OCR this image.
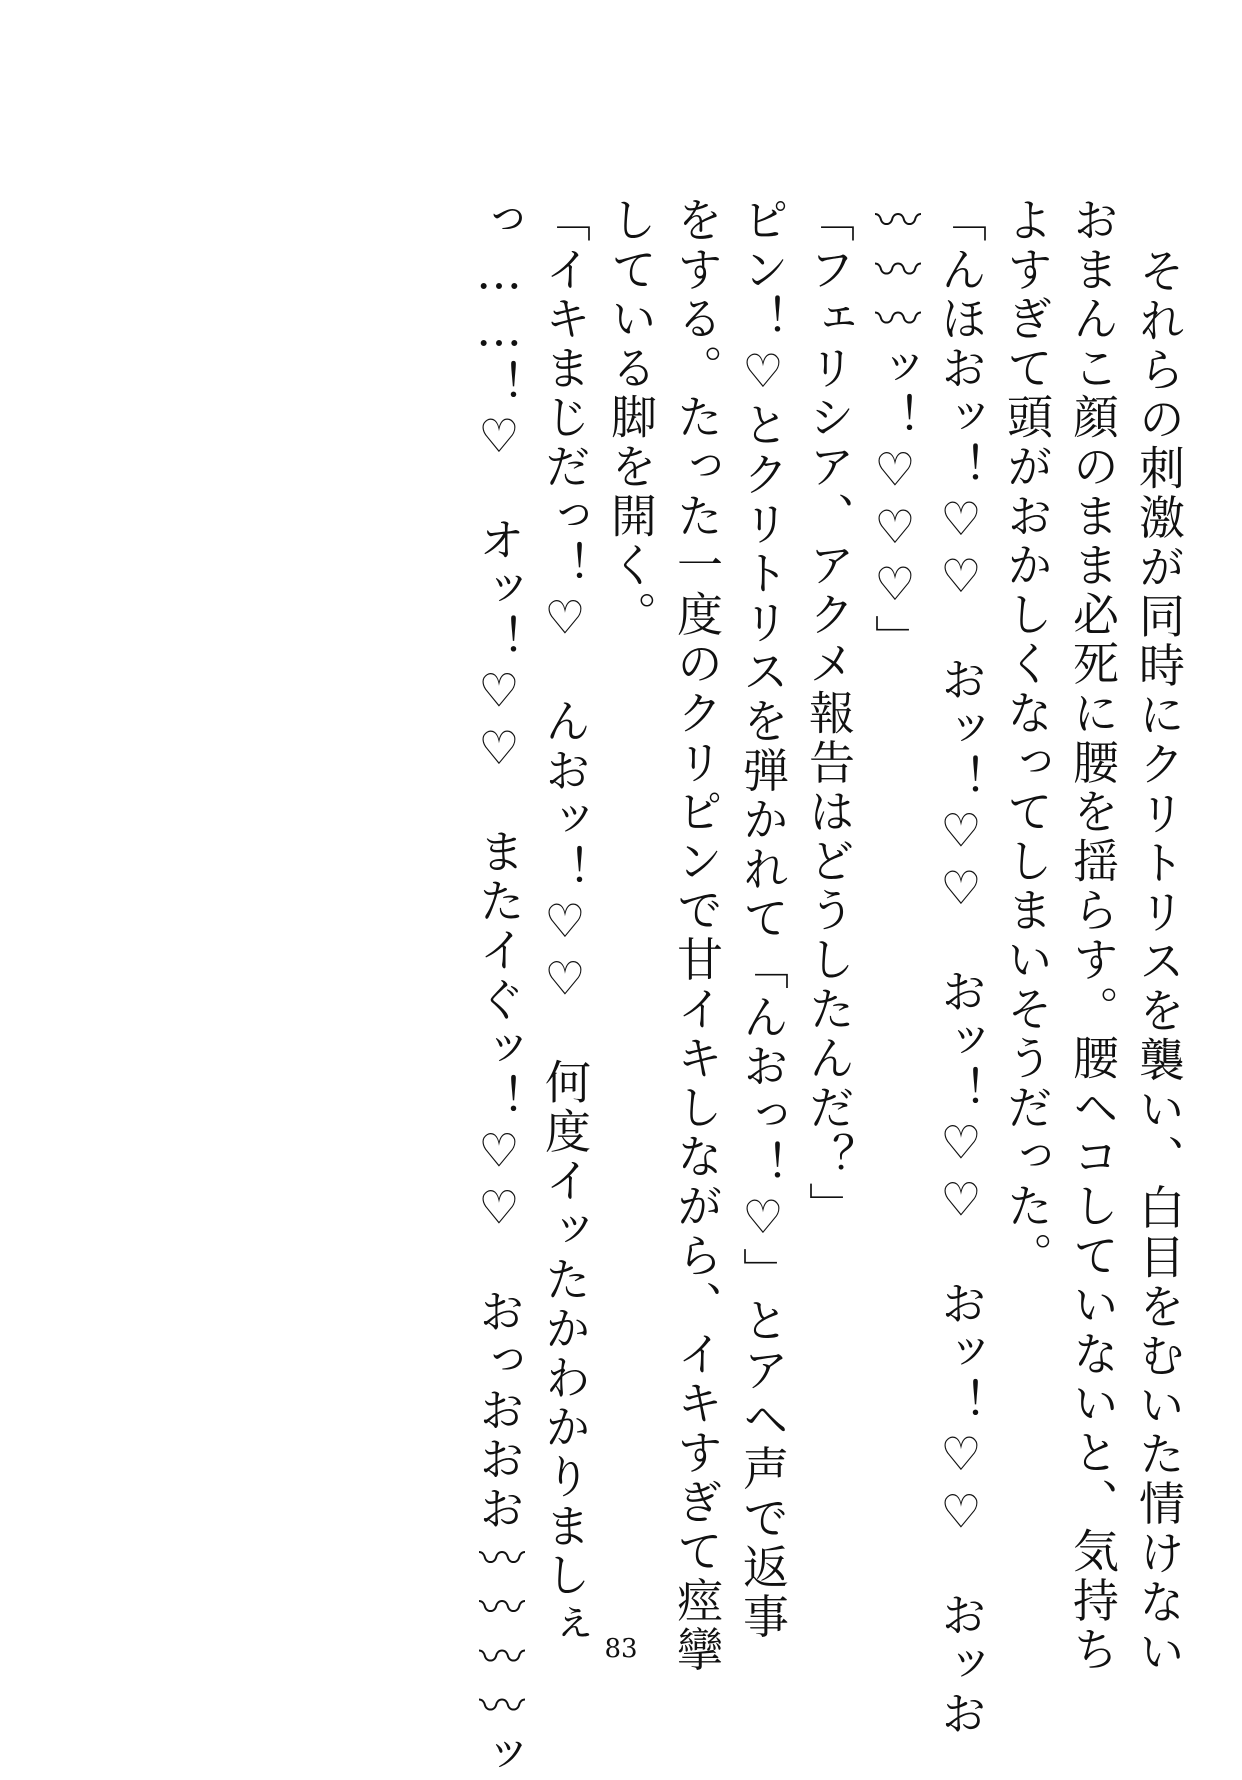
それらの刺激が同時にクリトリスを襲い、白目をむいた情けない
おまんこ顔のまま必死に腰を揺らす。腰ヘコしていないと、気持ち
よすぎて頭がおかしくなってしまいそうだった。
「んほおッ！♡♡　おッ！♡♡　おッ！♡♡　おッ！♡♡　おッお
〰〰〰ッ！♡♡♡」
「フェリシア、アクメ報告はどうしたんだ？」
ピン！♡とクリトリスを弾かれて「んおっ！♡」とアヘ声で返事
をする。たった一度のクリピンで甘イキしながら、イキすぎて痙攣
している脚を開く。
「イキまじだっ！♡　んおッ！♡♡　何度イッたかわかりましぇ
っ……！♡　オッ！♡♡　またイぐッ！♡♡　おっおおお〰〰〰〰ッ	83
